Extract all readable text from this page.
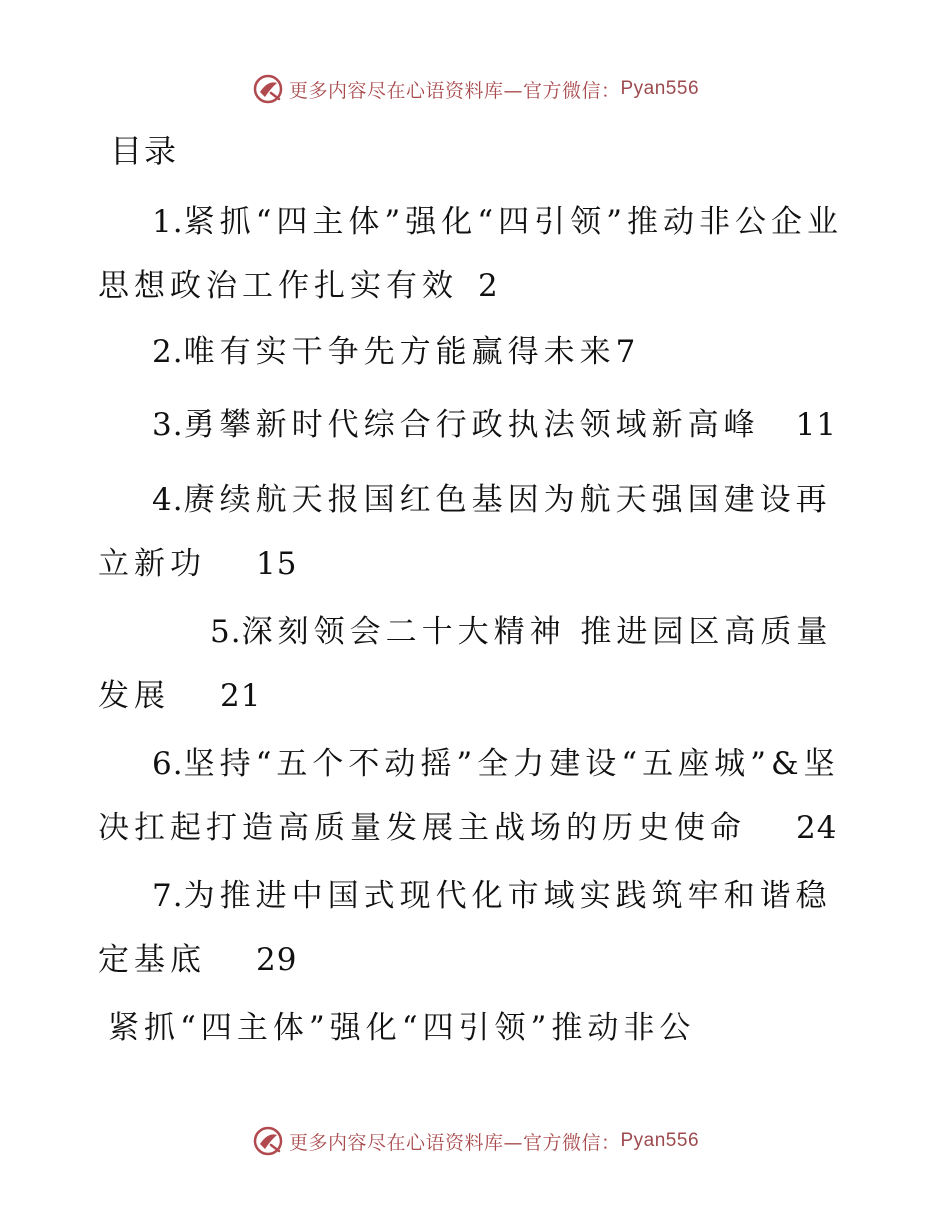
更多内容尽在心语资料库—官方微信： Pyan556
目录

1.紧抓“四主体”强化“四引领”推动非公企业思想政治工作扎实有效 2

2.唯有实干争先方能赢得未来7

3.勇攀新时代综合行政执法领域新高峰 11

4.赓续航天报国红色基因为航天强国建设再立新功 15

5.深刻领会二十大精神 推进园区高质量发展 21

6.坚持“五个不动摇”全力建设“五座城”&坚决扛起打造高质量发展主战场的历史使命 24

7.为推进中国式现代化市域实践筑牢和谐稳定基底 29

紧抓“四主体”强化“四引领”推动非公

更多内容尽在心语资料库—官方微信： Pyan556
